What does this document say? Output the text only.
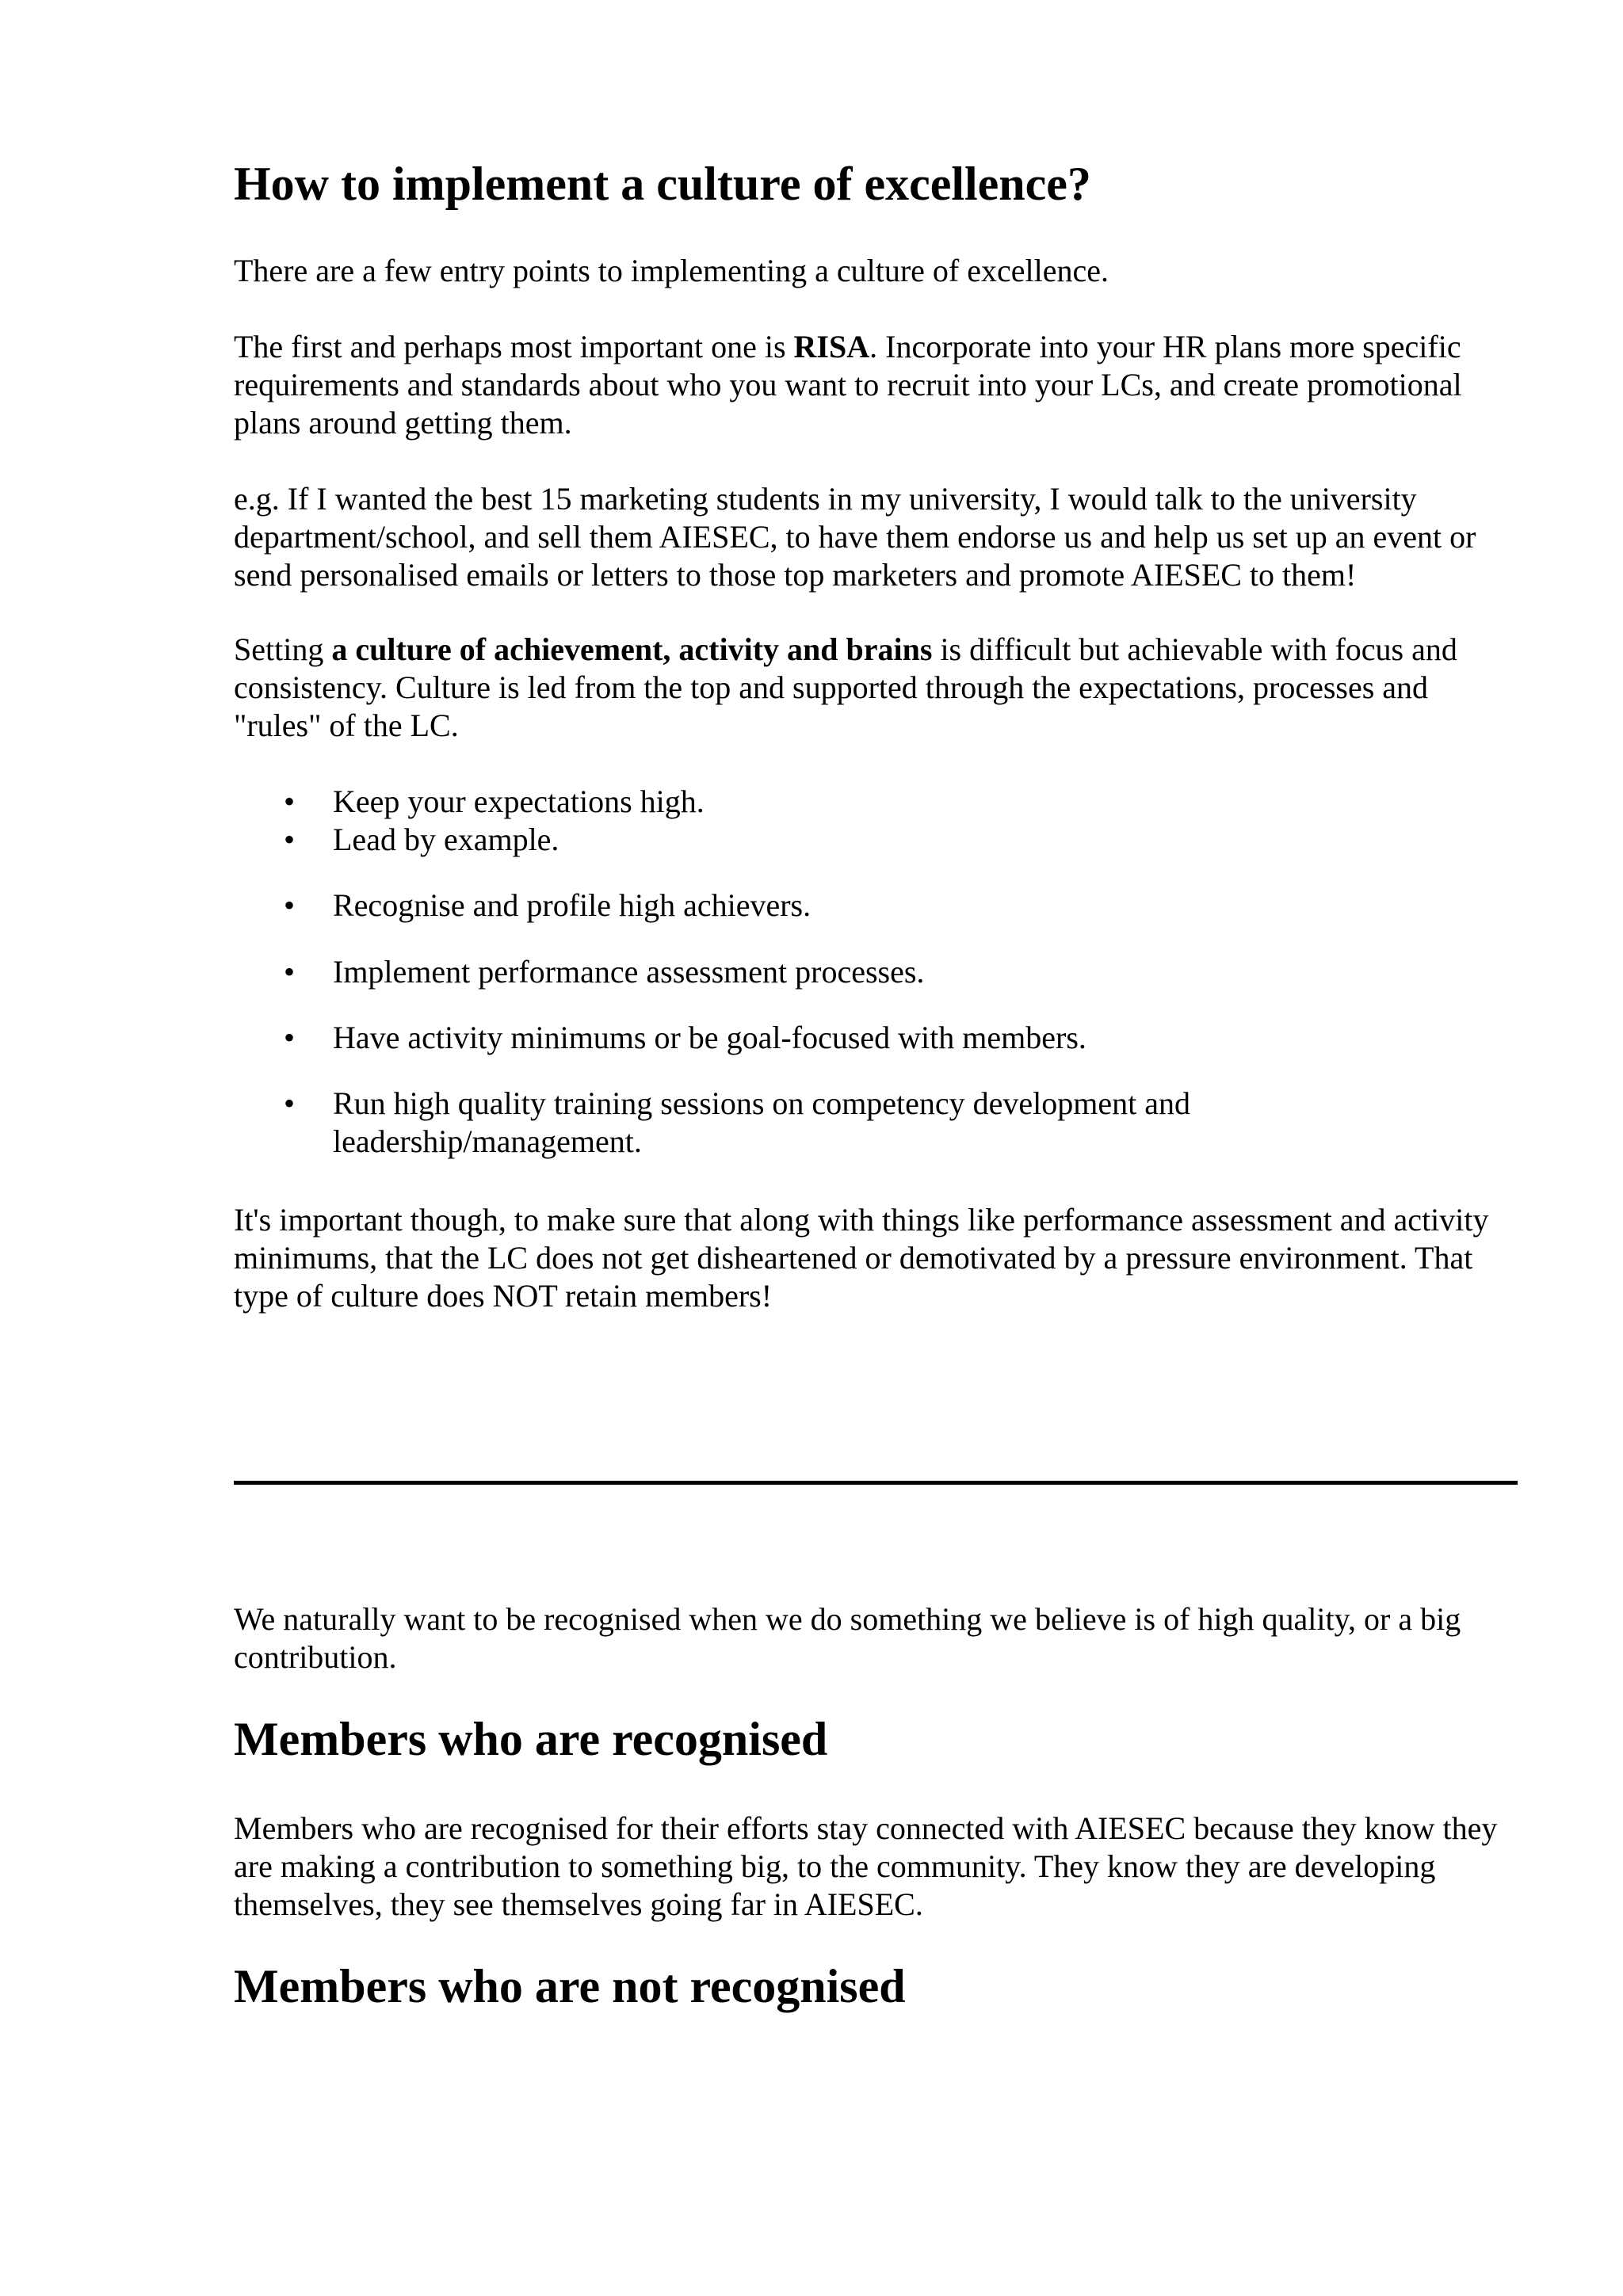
How to implement a culture of excellence?

There are a few entry points to implementing a culture of excellence.

The first and perhaps most important one is RISA. Incorporate into your HR plans more specific requirements and standards about who you want to recruit into your LCs, and create promotional plans around getting them.

e.g. If I wanted the best 15 marketing students in my university, I would talk to the university department/school, and sell them AIESEC, to have them endorse us and help us set up an event or send personalised emails or letters to those top marketers and promote AIESEC to them!

Setting a culture of achievement, activity and brains is difficult but achievable with focus and consistency. Culture is led from the top and supported through the expectations, processes and "rules" of the LC.

• Keep your expectations high.
• Lead by example.
• Recognise and profile high achievers.
• Implement performance assessment processes.
• Have activity minimums or be goal-focused with members.
• Run high quality training sessions on competency development and leadership/management.

It's important though, to make sure that along with things like performance assessment and activity minimums, that the LC does not get disheartened or demotivated by a pressure environment. That type of culture does NOT retain members!

We naturally want to be recognised when we do something we believe is of high quality, or a big contribution.

Members who are recognised

Members who are recognised for their efforts stay connected with AIESEC because they know they are making a contribution to something big, to the community. They know they are developing themselves, they see themselves going far in AIESEC.

Members who are not recognised
